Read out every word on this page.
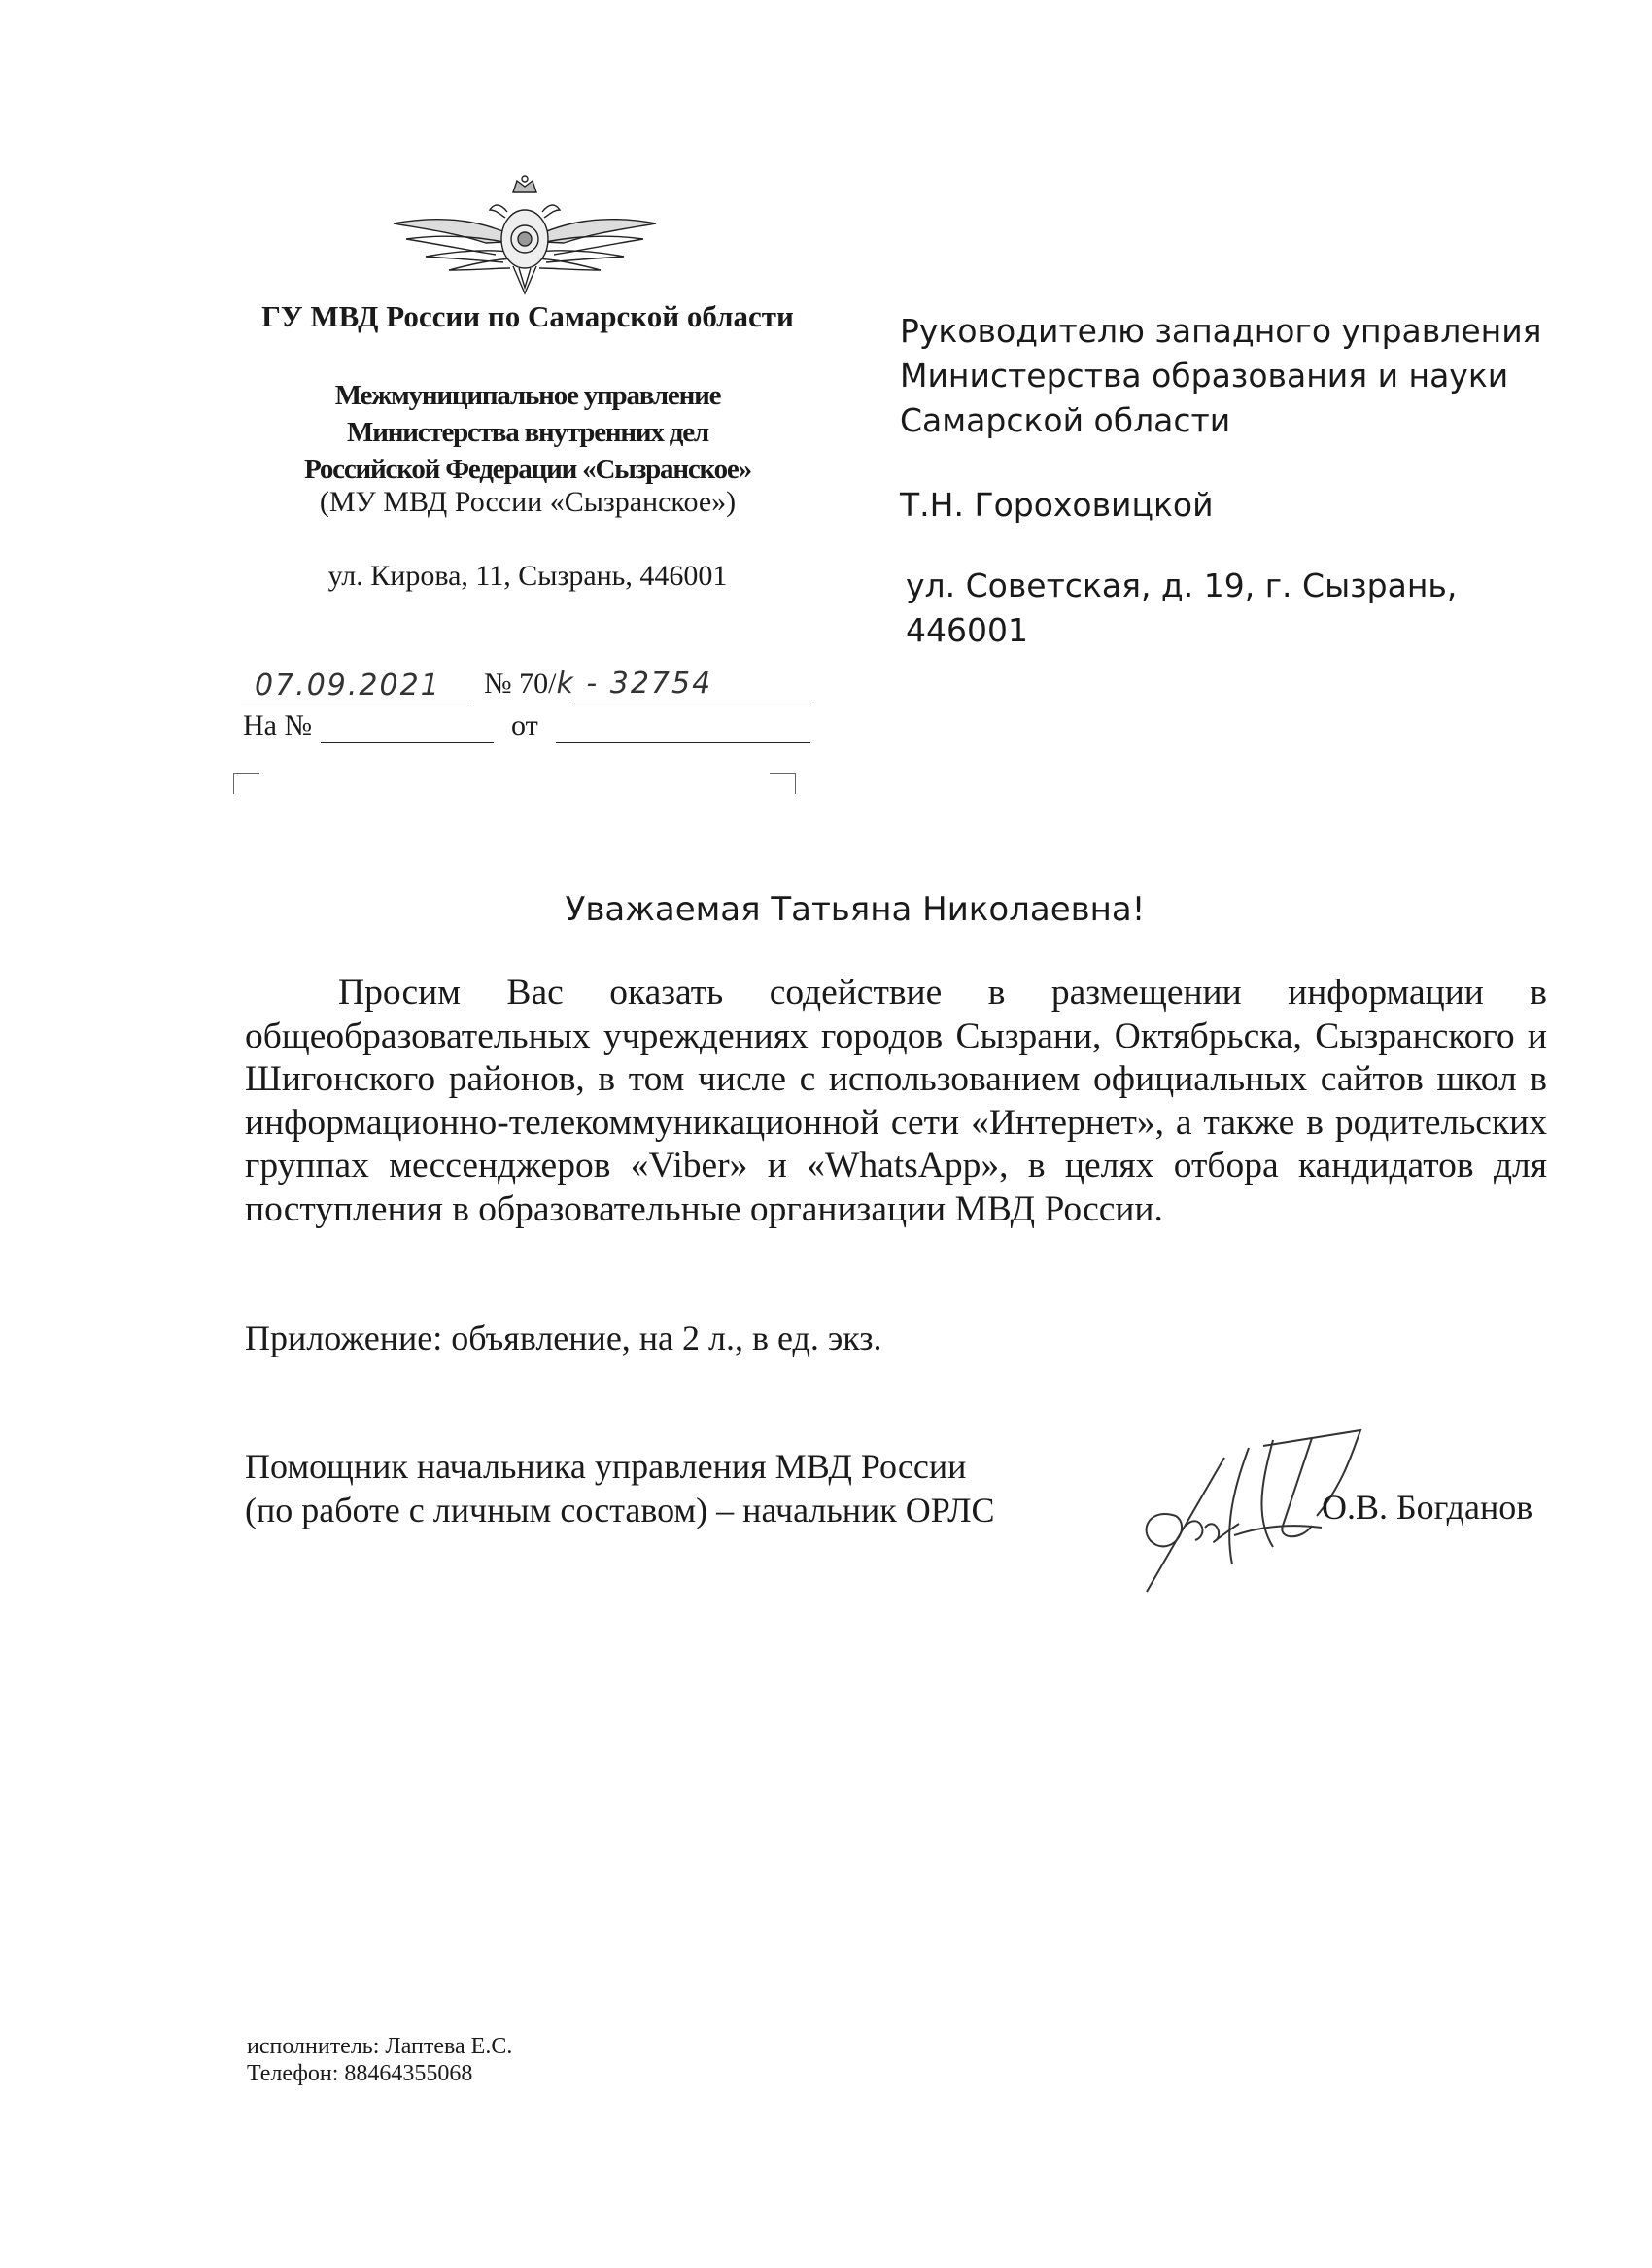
ГУ МВД России по Самарской области
Межмуниципальное управление
Министерства внутренних дел
Российской Федерации «Сызранское»
(МУ МВД России «Сызранское»)
ул. Кирова, 11, Сызрань, 446001
07.09.2021 № 70/k - 32754
На №	от
Руководителю западного управления
Министерства образования и науки
Самарской области
Т.Н. Гороховицкой
ул. Советская, д. 19, г. Сызрань, 446001
Уважаемая Татьяна Николаевна!
Просим Вас оказать содействие в размещении информации в общеобразовательных учреждениях городов Сызрани, Октябрьска, Сызранского и Шигонского районов, в том числе с использованием официальных сайтов школ в информационно-телекоммуникационной сети «Интернет», а также в родительских группах мессенджеров «Viber» и «WhatsApp», в целях отбора кандидатов для поступления в образовательные организации МВД России.
Приложение: объявление, на 2 л., в ед. экз.
Помощник начальника управления МВД России
(по работе с личным составом) – начальник ОРЛС	О.В. Богданов
исполнитель: Лаптева Е.С.
Телефон: 88464355068
